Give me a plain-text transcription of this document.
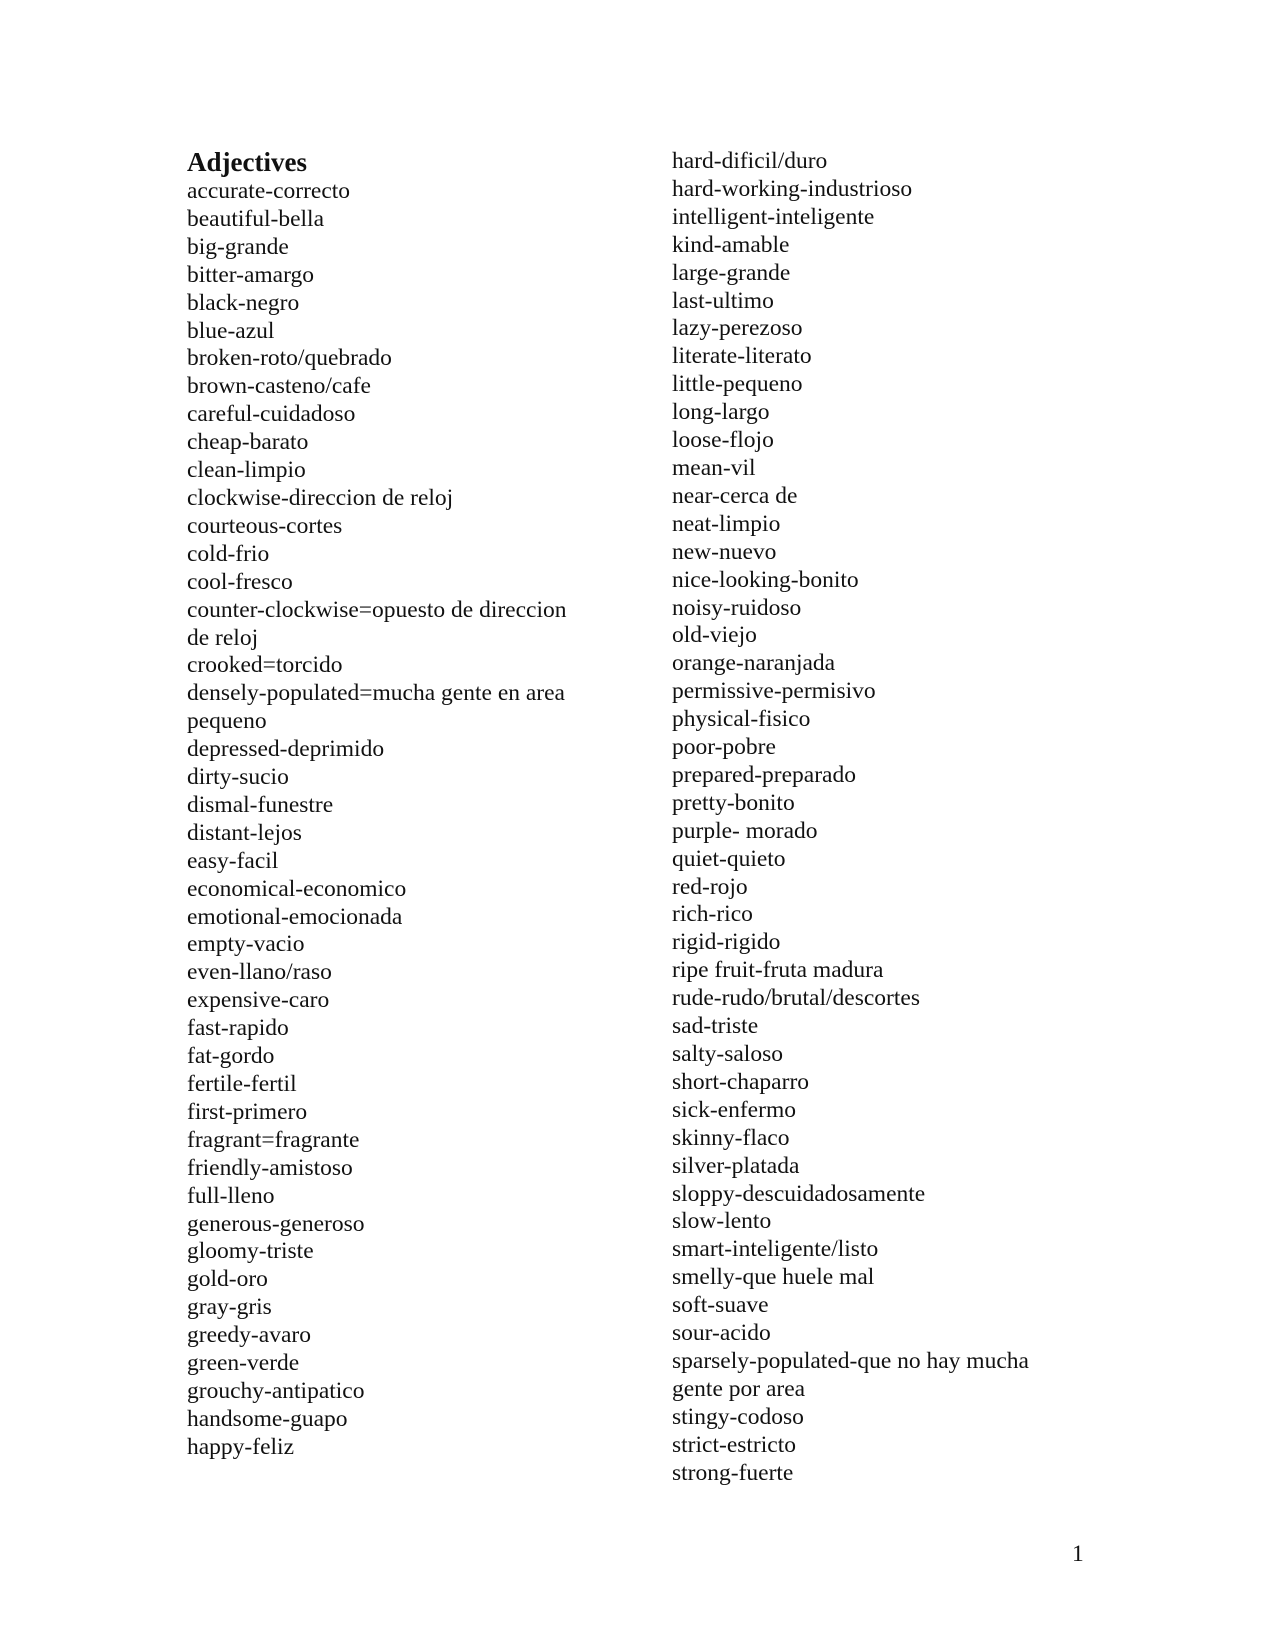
Adjectives
accurate-correcto
beautiful-bella
big-grande
bitter-amargo
black-negro
blue-azul
broken-roto/quebrado
brown-casteno/cafe
careful-cuidadoso
cheap-barato
clean-limpio
clockwise-direccion de reloj
courteous-cortes
cold-frio
cool-fresco
counter-clockwise=opuesto de direccion
de reloj
crooked=torcido
densely-populated=mucha gente en area
pequeno
depressed-deprimido
dirty-sucio
dismal-funestre
distant-lejos
easy-facil
economical-economico
emotional-emocionada
empty-vacio
even-llano/raso
expensive-caro
fast-rapido
fat-gordo
fertile-fertil
first-primero
fragrant=fragrante
friendly-amistoso
full-lleno
generous-generoso
gloomy-triste
gold-oro
gray-gris
greedy-avaro
green-verde
grouchy-antipatico
handsome-guapo
happy-feliz
hard-dificil/duro
hard-working-industrioso
intelligent-inteligente
kind-amable
large-grande
last-ultimo
lazy-perezoso
literate-literato
little-pequeno
long-largo
loose-flojo
mean-vil
near-cerca de
neat-limpio
new-nuevo
nice-looking-bonito
noisy-ruidoso
old-viejo
orange-naranjada
permissive-permisivo
physical-fisico
poor-pobre
prepared-preparado
pretty-bonito
purple- morado
quiet-quieto
red-rojo
rich-rico
rigid-rigido
ripe fruit-fruta madura
rude-rudo/brutal/descortes
sad-triste
salty-saloso
short-chaparro
sick-enfermo
skinny-flaco
silver-platada
sloppy-descuidadosamente
slow-lento
smart-inteligente/listo
smelly-que huele mal
soft-suave
sour-acido
sparsely-populated-que no hay mucha
gente por area
stingy-codoso
strict-estricto
strong-fuerte
1
